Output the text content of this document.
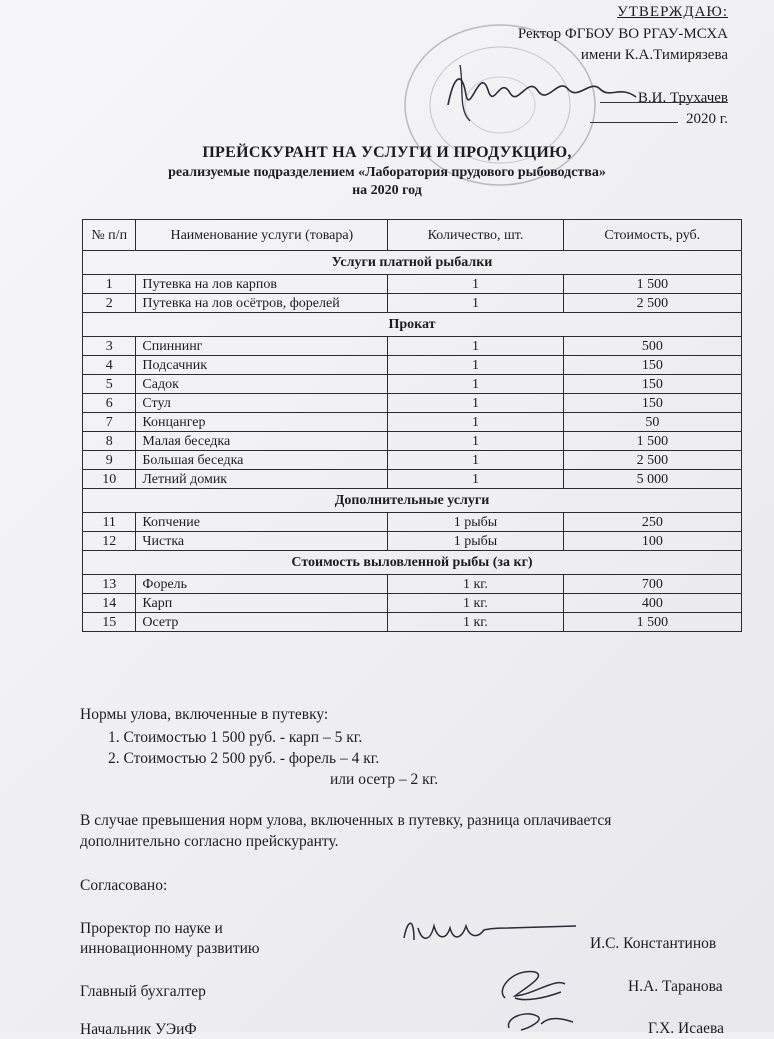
УТВЕРЖДАЮ:
Ректор ФГБОУ ВО РГАУ-МСХА
имени К.А.Тимирязева
В.И. Трухачев
2020 г.
ПРЕЙСКУРАНТ НА УСЛУГИ И ПРОДУКЦИЮ,
реализуемые подразделением «Лаборатория прудового рыбоводства»
на 2020 год
№ п/п	Наименование услуги (товара)	Количество, шт.	Стоимость, руб.
Услуги платной рыбалки			
1	Путевка на лов карпов	1	1 500
2	Путевка на лов осётров, форелей	1	2 500
Прокат			
3	Спиннинг	1	500
4	Подсачник	1	150
5	Садок	1	150
6	Стул	1	150
7	Концангер	1	50
8	Малая беседка	1	1 500
9	Большая беседка	1	2 500
10	Летний домик	1	5 000
Дополнительные услуги			
11	Копчение	1 рыбы	250
12	Чистка	1 рыбы	100
Стоимость выловленной рыбы (за кг)			
13	Форель	1 кг.	700
14	Карп	1 кг.	400
15	Осетр	1 кг.	1 500
Нормы улова, включенные в путевку:
1. Стоимостью 1 500 руб. - карп – 5 кг.
2. Стоимостью 2 500 руб. - форель – 4 кг.
или осетр – 2 кг.
В случае превышения норм улова, включенных в путевку, разница оплачивается
дополнительно согласно прейскуранту.
Согласовано:
Проректор по науке и
инновационному развитию	И.С. Константинов
Главный бухгалтер	Н.А. Таранова
Начальник УЭиФ	Г.Х. Исаева
